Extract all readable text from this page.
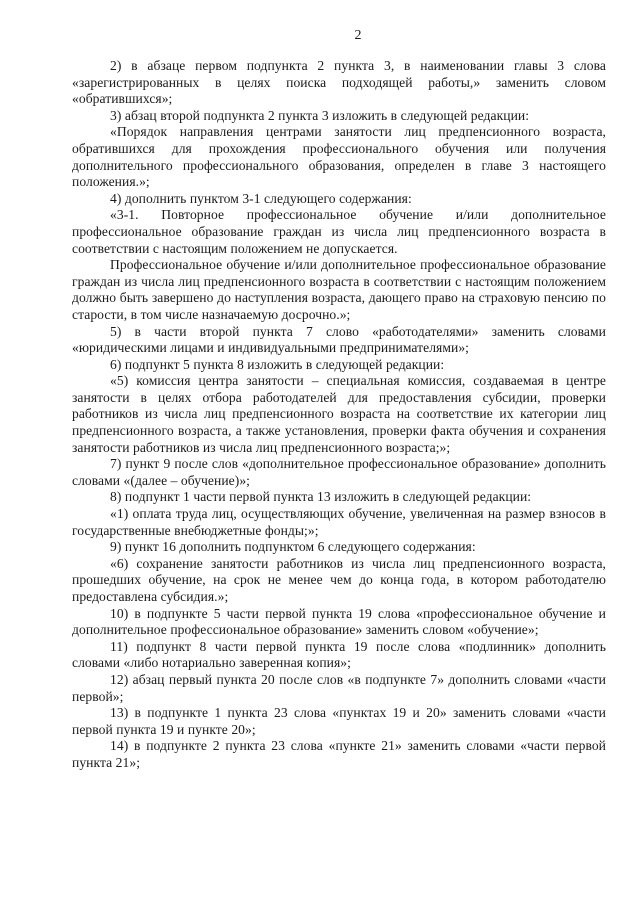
2

2) в абзаце первом подпункта 2 пункта 3, в наименовании главы 3 слова «зарегистрированных в целях поиска подходящей работы,» заменить словом «обратившихся»;

3) абзац второй подпункта 2 пункта 3 изложить в следующей редакции:

«Порядок направления центрами занятости лиц предпенсионного возраста, обратившихся для прохождения профессионального обучения или получения дополнительного профессионального образования, определен в главе 3 настоящего положения.»;

4) дополнить пунктом 3-1 следующего содержания:

«3-1. Повторное профессиональное обучение и/или дополнительное профессиональное образование граждан из числа лиц предпенсионного возраста в соответствии с настоящим положением не допускается.

Профессиональное обучение и/или дополнительное профессиональное образование граждан из числа лиц предпенсионного возраста в соответствии с настоящим положением должно быть завершено до наступления возраста, дающего право на страховую пенсию по старости, в том числе назначаемую досрочно.»;

5) в части второй пункта 7 слово «работодателями» заменить словами «юридическими лицами и индивидуальными предпринимателями»;

6) подпункт 5 пункта 8 изложить в следующей редакции:

«5) комиссия центра занятости – специальная комиссия, создаваемая в центре занятости в целях отбора работодателей для предоставления субсидии, проверки работников из числа лиц предпенсионного возраста на соответствие их категории лиц предпенсионного возраста, а также установления, проверки факта обучения и сохранения занятости работников из числа лиц предпенсионного возраста;»;

7) пункт 9 после слов «дополнительное профессиональное образование» дополнить словами «(далее – обучение)»;

8) подпункт 1 части первой пункта 13 изложить в следующей редакции:

«1) оплата труда лиц, осуществляющих обучение, увеличенная на размер взносов в государственные внебюджетные фонды;»;

9) пункт 16 дополнить подпунктом 6 следующего содержания:

«6) сохранение занятости работников из числа лиц предпенсионного возраста, прошедших обучение, на срок не менее чем до конца года, в котором работодателю предоставлена субсидия.»;

10) в подпункте 5 части первой пункта 19 слова «профессиональное обучение и дополнительное профессиональное образование» заменить словом «обучение»;

11) подпункт 8 части первой пункта 19 после слова «подлинник» дополнить словами «либо нотариально заверенная копия»;

12) абзац первый пункта 20 после слов «в подпункте 7» дополнить словами «части первой»;

13) в подпункте 1 пункта 23 слова «пунктах 19 и 20» заменить словами «части первой пункта 19 и пункте 20»;

14) в подпункте 2 пункта 23 слова «пункте 21» заменить словами «части первой пункта 21»;
